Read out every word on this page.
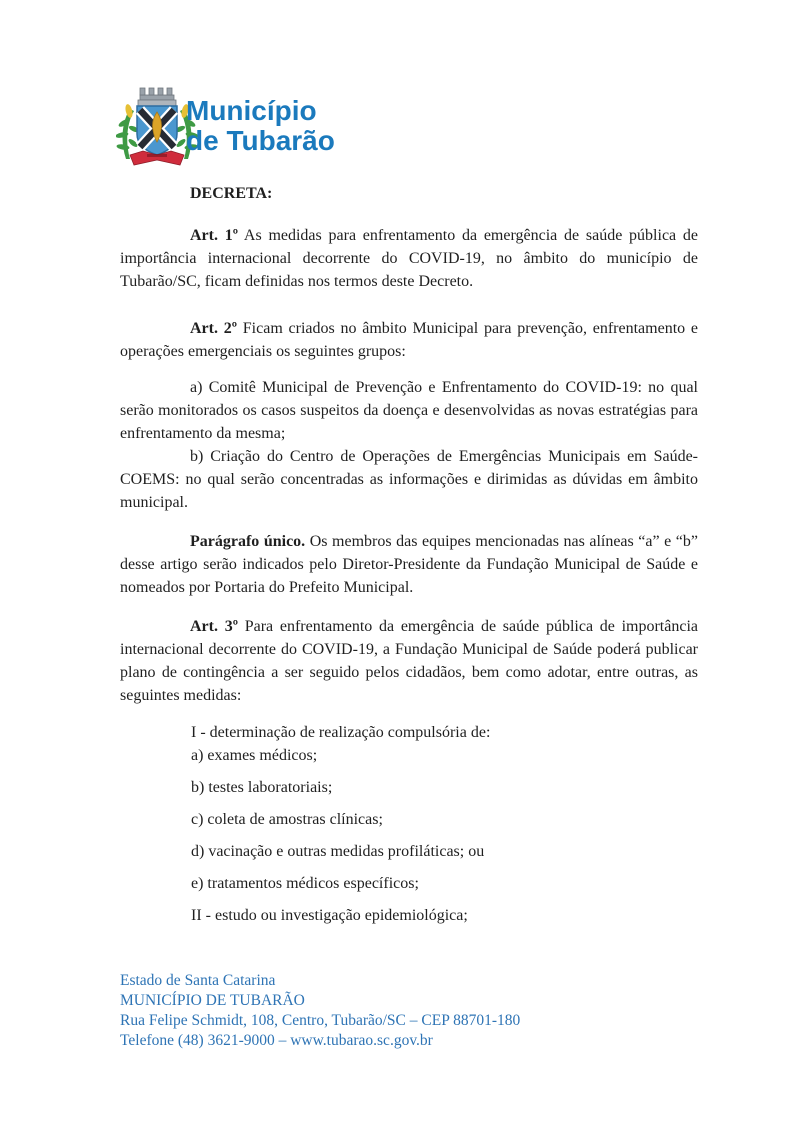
Município
de Tubarão

DECRETA:

Art. 1º As medidas para enfrentamento da emergência de saúde pública de importância internacional decorrente do COVID-19, no âmbito do município de Tubarão/SC, ficam definidas nos termos deste Decreto.

Art. 2º Ficam criados no âmbito Municipal para prevenção, enfrentamento e operações emergenciais os seguintes grupos:

a) Comitê Municipal de Prevenção e Enfrentamento do COVID-19: no qual serão monitorados os casos suspeitos da doença e desenvolvidas as novas estratégias para enfrentamento da mesma;

b) Criação do Centro de Operações de Emergências Municipais em Saúde-COEMS: no qual serão concentradas as informações e dirimidas as dúvidas em âmbito municipal.

Parágrafo único. Os membros das equipes mencionadas nas alíneas “a” e “b” desse artigo serão indicados pelo Diretor-Presidente da Fundação Municipal de Saúde e nomeados por Portaria do Prefeito Municipal.

Art. 3º Para enfrentamento da emergência de saúde pública de importância internacional decorrente do COVID-19, a Fundação Municipal de Saúde poderá publicar plano de contingência a ser seguido pelos cidadãos, bem como adotar, entre outras, as seguintes medidas:

I - determinação de realização compulsória de:
a) exames médicos;
b) testes laboratoriais;
c) coleta de amostras clínicas;
d) vacinação e outras medidas profiláticas; ou
e) tratamentos médicos específicos;
II - estudo ou investigação epidemiológica;
Estado de Santa Catarina
MUNICÍPIO DE TUBARÃO
Rua Felipe Schmidt, 108, Centro, Tubarão/SC – CEP 88701-180
Telefone (48) 3621-9000 – www.tubarao.sc.gov.br
